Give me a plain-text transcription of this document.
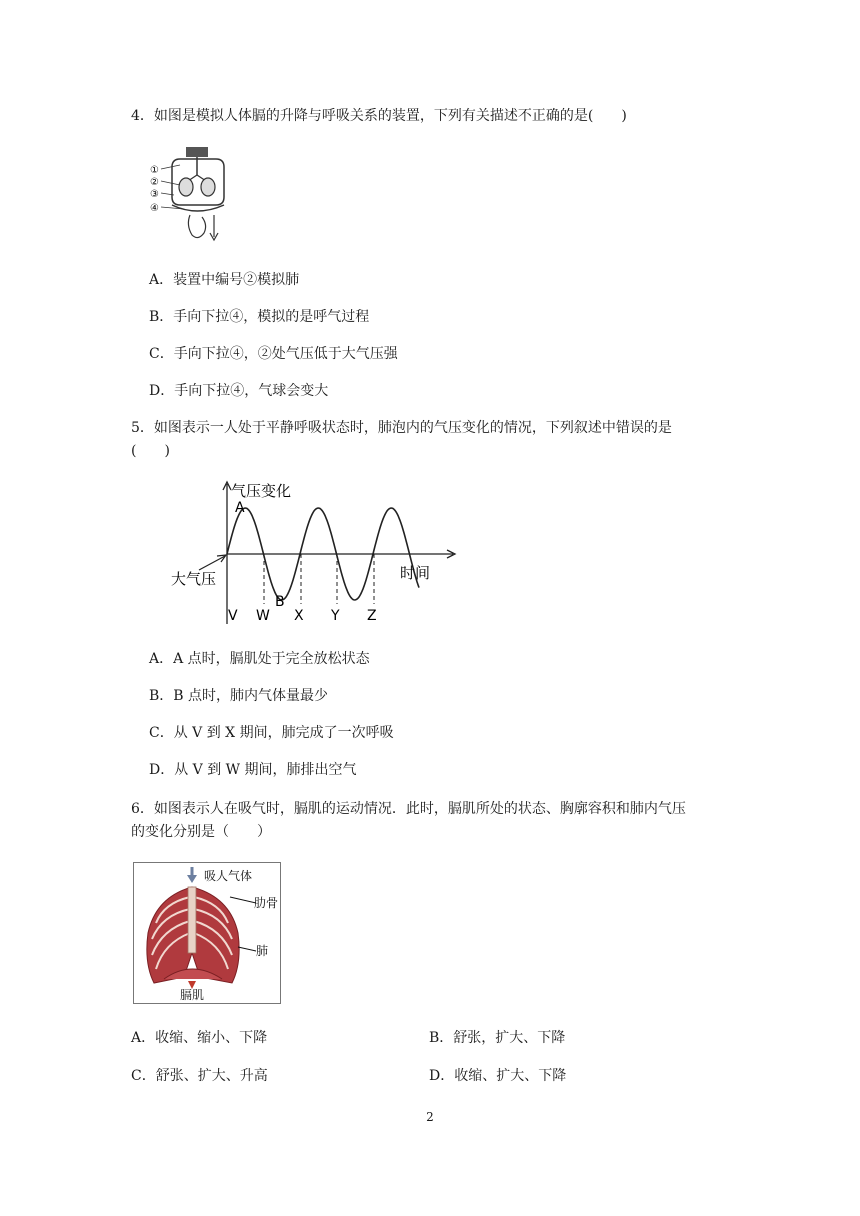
4．如图是模拟人体膈的升降与呼吸关系的装置，下列有关描述不正确的是(　　)
①
②
③
④
A．装置中编号②模拟肺
B．手向下拉④，模拟的是呼气过程
C．手向下拉④，②处气压低于大气压强
D．手向下拉④，气球会变大
5．如图表示一人处于平静呼吸状态时，肺泡内的气压变化的情况，下列叙述中错误的是
(　　)
气压变化
时间
大气压
A
B
V W X Y Z
A．A 点时，膈肌处于完全放松状态
B．B 点时，肺内气体量最少
C．从 V 到 X 期间，肺完成了一次呼吸
D．从 V 到 W 期间，肺排出空气
6．如图表示人在吸气时，膈肌的运动情况．此时，膈肌所处的状态、胸廓容积和肺内气压
的变化分别是（　　）
吸人气体
肋骨
肺
膈肌
A．收缩、缩小、下降	B．舒张，扩大、下降
C．舒张、扩大、升高	D．收缩、扩大、下降
2
